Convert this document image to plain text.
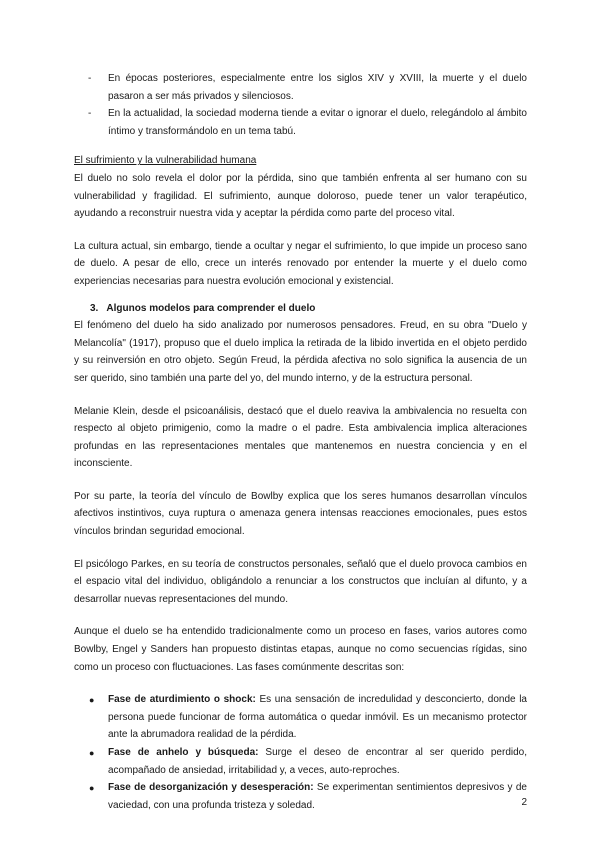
- En épocas posteriores, especialmente entre los siglos XIV y XVIII, la muerte y el duelo pasaron a ser más privados y silenciosos.
- En la actualidad, la sociedad moderna tiende a evitar o ignorar el duelo, relegándolo al ámbito íntimo y transformándolo en un tema tabú.

El sufrimiento y la vulnerabilidad humana

El duelo no solo revela el dolor por la pérdida, sino que también enfrenta al ser humano con su vulnerabilidad y fragilidad. El sufrimiento, aunque doloroso, puede tener un valor terapéutico, ayudando a reconstruir nuestra vida y aceptar la pérdida como parte del proceso vital.

La cultura actual, sin embargo, tiende a ocultar y negar el sufrimiento, lo que impide un proceso sano de duelo. A pesar de ello, crece un interés renovado por entender la muerte y el duelo como experiencias necesarias para nuestra evolución emocional y existencial.

3. Algunos modelos para comprender el duelo

El fenómeno del duelo ha sido analizado por numerosos pensadores. Freud, en su obra "Duelo y Melancolía" (1917), propuso que el duelo implica la retirada de la libido invertida en el objeto perdido y su reinversión en otro objeto. Según Freud, la pérdida afectiva no solo significa la ausencia de un ser querido, sino también una parte del yo, del mundo interno, y de la estructura personal.

Melanie Klein, desde el psicoanálisis, destacó que el duelo reaviva la ambivalencia no resuelta con respecto al objeto primigenio, como la madre o el padre. Esta ambivalencia implica alteraciones profundas en las representaciones mentales que mantenemos en nuestra conciencia y en el inconsciente.

Por su parte, la teoría del vínculo de Bowlby explica que los seres humanos desarrollan vínculos afectivos instintivos, cuya ruptura o amenaza genera intensas reacciones emocionales, pues estos vínculos brindan seguridad emocional.

El psicólogo Parkes, en su teoría de constructos personales, señaló que el duelo provoca cambios en el espacio vital del individuo, obligándolo a renunciar a los constructos que incluían al difunto, y a desarrollar nuevas representaciones del mundo.

Aunque el duelo se ha entendido tradicionalmente como un proceso en fases, varios autores como Bowlby, Engel y Sanders han propuesto distintas etapas, aunque no como secuencias rígidas, sino como un proceso con fluctuaciones. Las fases comúnmente descritas son:

● Fase de aturdimiento o shock: Es una sensación de incredulidad y desconcierto, donde la persona puede funcionar de forma automática o quedar inmóvil. Es un mecanismo protector ante la abrumadora realidad de la pérdida.
● Fase de anhelo y búsqueda: Surge el deseo de encontrar al ser querido perdido, acompañado de ansiedad, irritabilidad y, a veces, auto-reproches.
● Fase de desorganización y desesperación: Se experimentan sentimientos depresivos y de vaciedad, con una profunda tristeza y soledad.	2
